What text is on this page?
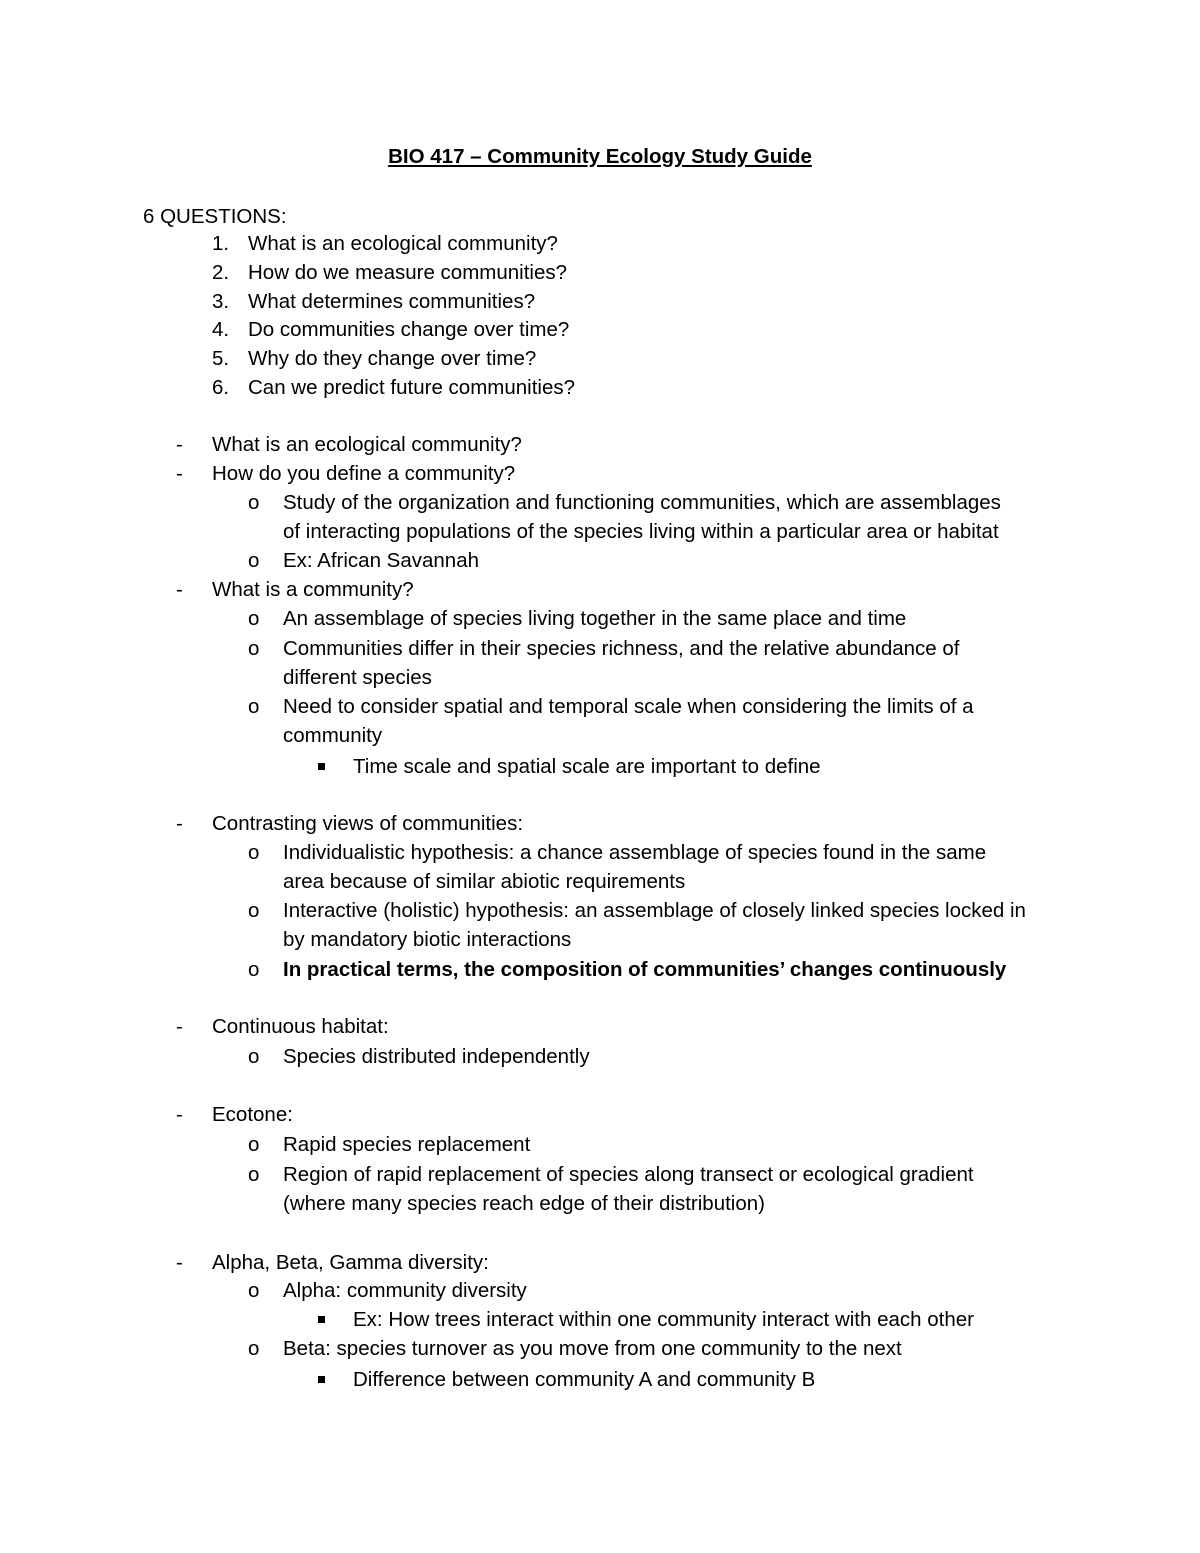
BIO 417 – Community Ecology Study Guide
6 QUESTIONS:
1. What is an ecological community?
2. How do we measure communities?
3. What determines communities?
4. Do communities change over time?
5. Why do they change over time?
6. Can we predict future communities?
- What is an ecological community?
- How do you define a community?
o Study of the organization and functioning communities, which are assemblages
of interacting populations of the species living within a particular area or habitat
o Ex: African Savannah
- What is a community?
o An assemblage of species living together in the same place and time
o Communities differ in their species richness, and the relative abundance of
different species
o Need to consider spatial and temporal scale when considering the limits of a
community
Time scale and spatial scale are important to define
- Contrasting views of communities:
o Individualistic hypothesis: a chance assemblage of species found in the same
area because of similar abiotic requirements
o Interactive (holistic) hypothesis: an assemblage of closely linked species locked in
by mandatory biotic interactions
o In practical terms, the composition of communities’ changes continuously
- Continuous habitat:
o Species distributed independently
- Ecotone:
o Rapid species replacement
o Region of rapid replacement of species along transect or ecological gradient
(where many species reach edge of their distribution)
- Alpha, Beta, Gamma diversity:
o Alpha: community diversity
Ex: How trees interact within one community interact with each other
o Beta: species turnover as you move from one community to the next
Difference between community A and community B
